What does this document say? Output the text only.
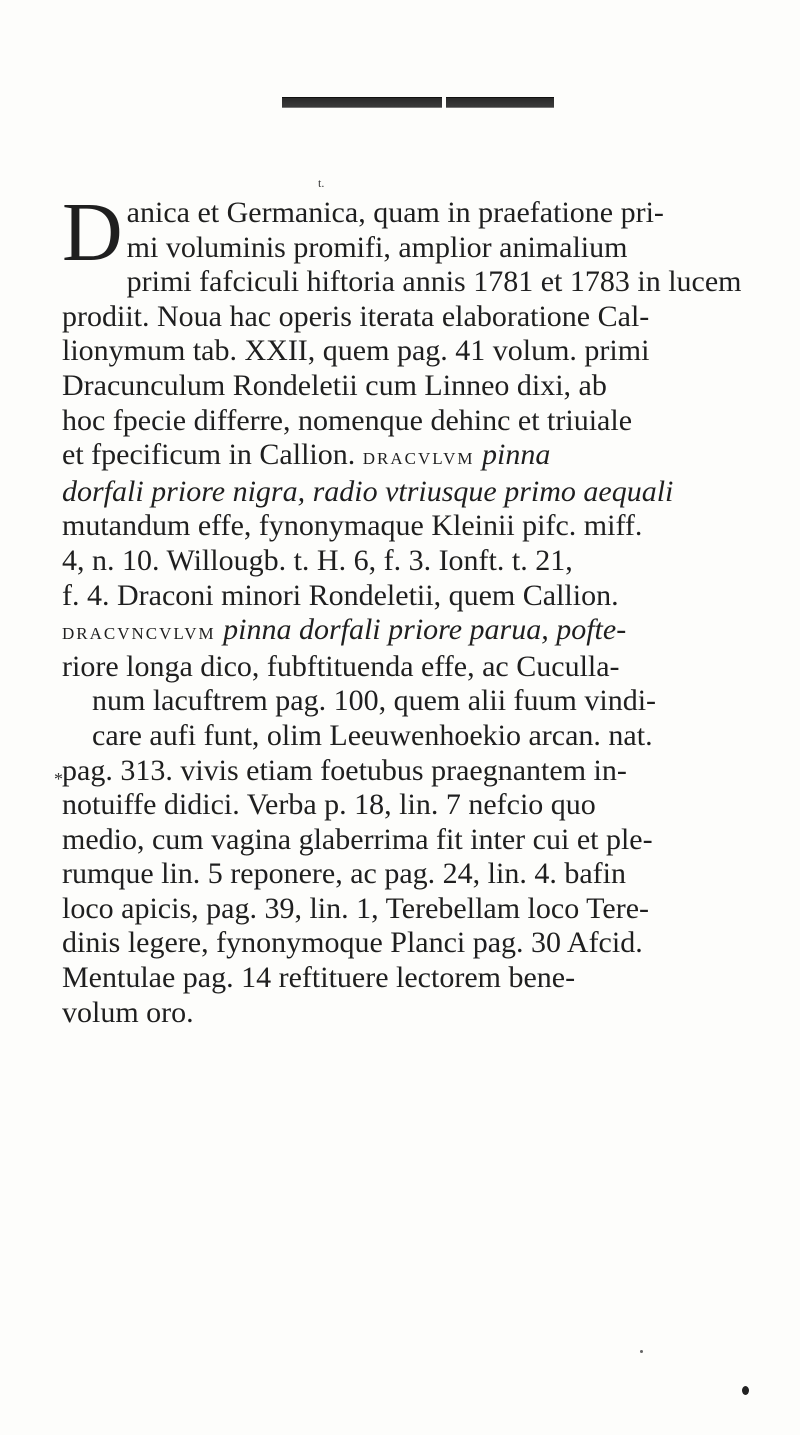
t.
*
D anica et Germanica, quam in praefatione pri-
mi voluminis promifi, amplior animalium
primi fafciculi hiftoria annis 1781 et 1783 in lucem
prodiit. Noua hac operis iterata elaboratione Cal-
lionymum tab. XXII, quem pag. 41 volum. primi
Dracunculum Rondeletii cum Linneo dixi, ab
hoc fpecie differre, nomenque dehinc et triuiale
et fpecificum in Callion. dracvlvm pinna
dorfali priore nigra, radio vtriusque primo aequali
mutandum effe, fynonymaque Kleinii pifc. miff.
4, n. 10. Willougb. t. H. 6, f. 3. Ionft. t. 21,
f. 4. Draconi minori Rondeletii, quem Callion.
dracvncvlvm pinna dorfali priore parua, pofte-
riore longa dico, fubftituenda effe, ac Cuculla-
num lacuftrem pag. 100, quem alii fuum vindi-
care aufi funt, olim Leeuwenhoekio arcan. nat.
pag. 313. vivis etiam foetubus praegnantem in-
notuiffe didici. Verba p. 18, lin. 7 nefcio quo
medio, cum vagina glaberrima fit inter cui et ple-
rumque lin. 5 reponere, ac pag. 24, lin. 4. bafin
loco apicis, pag. 39, lin. 1, Terebellam loco Tere-
dinis legere, fynonymoque Planci pag. 30 Afcid.
Mentulae pag. 14 reftituere lectorem bene-
volum oro.
